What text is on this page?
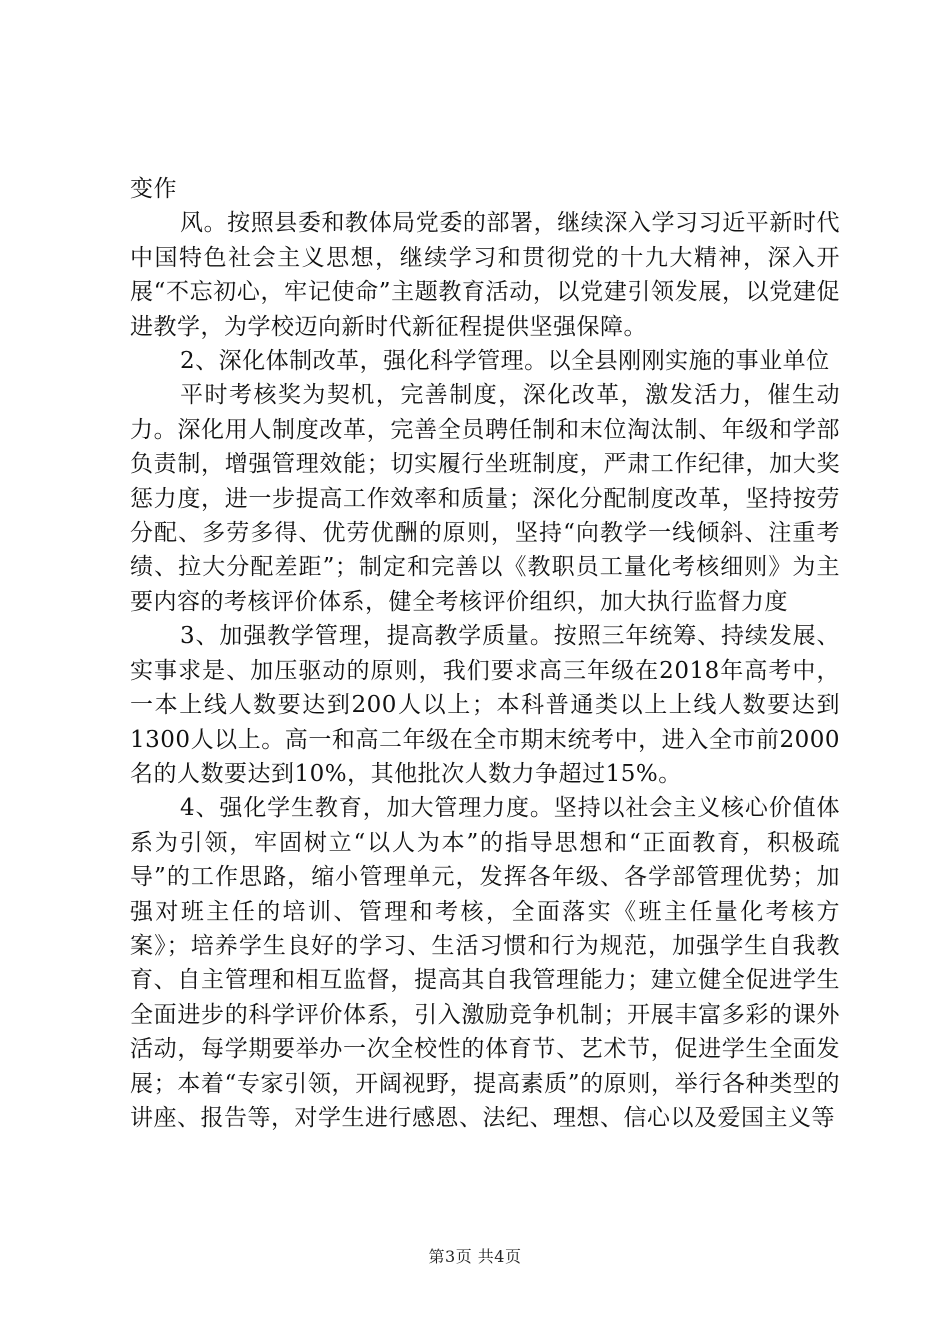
变作

风。按照县委和教体局党委的部署，继续深入学习习近平新时代中国特色社会主义思想，继续学习和贯彻党的十九大精神，深入开展“不忘初心，牢记使命”主题教育活动，以党建引领发展，以党建促进教学，为学校迈向新时代新征程提供坚强保障。

2、深化体制改革，强化科学管理。以全县刚刚实施的事业单位

平时考核奖为契机，完善制度，深化改革，激发活力，催生动力。深化用人制度改革，完善全员聘任制和末位淘汰制、年级和学部负责制，增强管理效能；切实履行坐班制度，严肃工作纪律，加大奖惩力度，进一步提高工作效率和质量；深化分配制度改革，坚持按劳分配、多劳多得、优劳优酬的原则，坚持“向教学一线倾斜、注重考绩、拉大分配差距”；制定和完善以《教职员工量化考核细则》为主要内容的考核评价体系，健全考核评价组织，加大执行监督力度

3、加强教学管理，提高教学质量。按照三年统筹、持续发展、实事求是、加压驱动的原则，我们要求高三年级在2018年高考中，一本上线人数要达到200人以上；本科普通类以上上线人数要达到1300人以上。高一和高二年级在全市期末统考中，进入全市前2000名的人数要达到10%，其他批次人数力争超过15%。

4、强化学生教育，加大管理力度。坚持以社会主义核心价值体系为引领，牢固树立“以人为本”的指导思想和“正面教育，积极疏导”的工作思路，缩小管理单元，发挥各年级、各学部管理优势；加强对班主任的培训、管理和考核，全面落实《班主任量化考核方案》；培养学生良好的学习、生活习惯和行为规范，加强学生自我教育、自主管理和相互监督，提高其自我管理能力；建立健全促进学生全面进步的科学评价体系，引入激励竞争机制；开展丰富多彩的课外活动，每学期要举办一次全校性的体育节、艺术节，促进学生全面发展；本着“专家引领，开阔视野，提高素质”的原则，举行各种类型的讲座、报告等，对学生进行感恩、法纪、理想、信心以及爱国主义等

第3页 共4页
